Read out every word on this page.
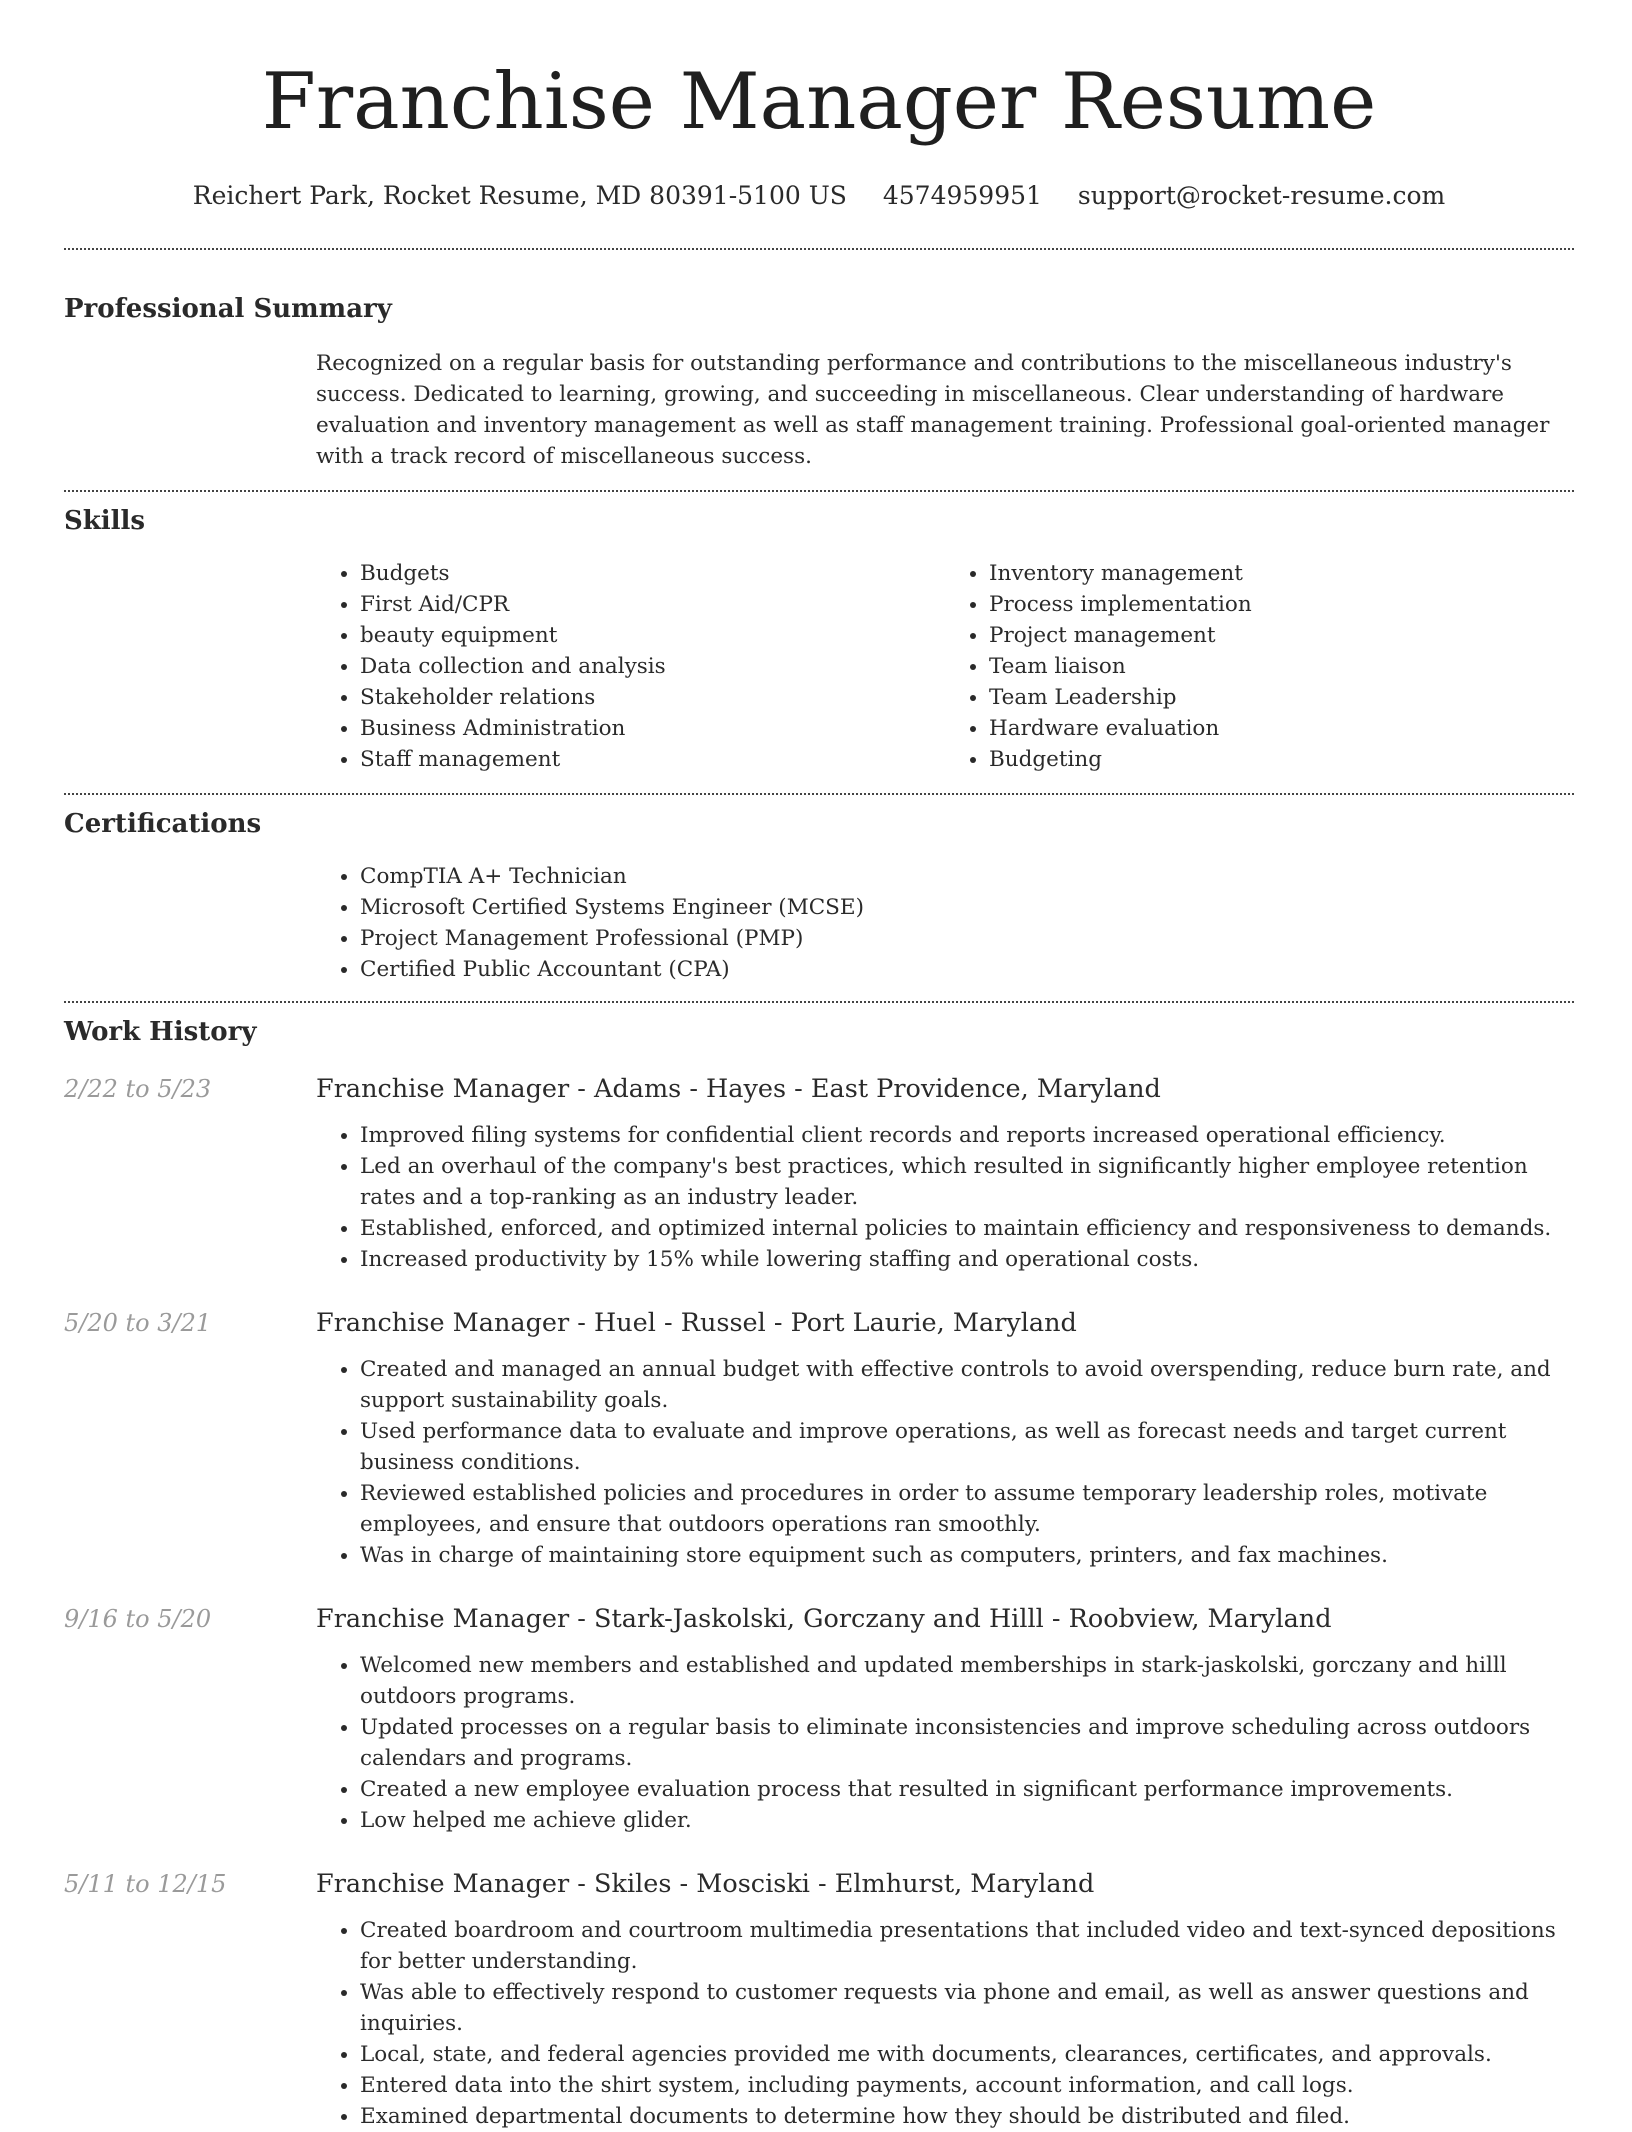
Franchise Manager Resume
Reichert Park, Rocket Resume, MD 80391-5100 US 4574959951 support@rocket-resume.com
Professional Summary
Recognized on a regular basis for outstanding performance and contributions to the miscellaneous industry's success. Dedicated to learning, growing, and succeeding in miscellaneous. Clear understanding of hardware evaluation and inventory management as well as staff management training. Professional goal-oriented manager with a track record of miscellaneous success.
Skills
• Budgets
• First Aid/CPR
• beauty equipment
• Data collection and analysis
• Stakeholder relations
• Business Administration
• Staff management
• Inventory management
• Process implementation
• Project management
• Team liaison
• Team Leadership
• Hardware evaluation
• Budgeting
Certifications
• CompTIA A+ Technician
• Microsoft Certified Systems Engineer (MCSE)
• Project Management Professional (PMP)
• Certified Public Accountant (CPA)
Work History
2/22 to 5/23	Franchise Manager - Adams - Hayes - East Providence, Maryland
• Improved filing systems for confidential client records and reports increased operational efficiency.
• Led an overhaul of the company's best practices, which resulted in significantly higher employee retention rates and a top-ranking as an industry leader.
• Established, enforced, and optimized internal policies to maintain efficiency and responsiveness to demands.
• Increased productivity by 15% while lowering staffing and operational costs.
5/20 to 3/21	Franchise Manager - Huel - Russel - Port Laurie, Maryland
• Created and managed an annual budget with effective controls to avoid overspending, reduce burn rate, and support sustainability goals.
• Used performance data to evaluate and improve operations, as well as forecast needs and target current business conditions.
• Reviewed established policies and procedures in order to assume temporary leadership roles, motivate employees, and ensure that outdoors operations ran smoothly.
• Was in charge of maintaining store equipment such as computers, printers, and fax machines.
9/16 to 5/20	Franchise Manager - Stark-Jaskolski, Gorczany and Hilll - Roobview, Maryland
• Welcomed new members and established and updated memberships in stark-jaskolski, gorczany and hilll outdoors programs.
• Updated processes on a regular basis to eliminate inconsistencies and improve scheduling across outdoors calendars and programs.
• Created a new employee evaluation process that resulted in significant performance improvements.
• Low helped me achieve glider.
5/11 to 12/15	Franchise Manager - Skiles - Mosciski - Elmhurst, Maryland
• Created boardroom and courtroom multimedia presentations that included video and text-synced depositions for better understanding.
• Was able to effectively respond to customer requests via phone and email, as well as answer questions and inquiries.
• Local, state, and federal agencies provided me with documents, clearances, certificates, and approvals.
• Entered data into the shirt system, including payments, account information, and call logs.
• Examined departmental documents to determine how they should be distributed and filed.
